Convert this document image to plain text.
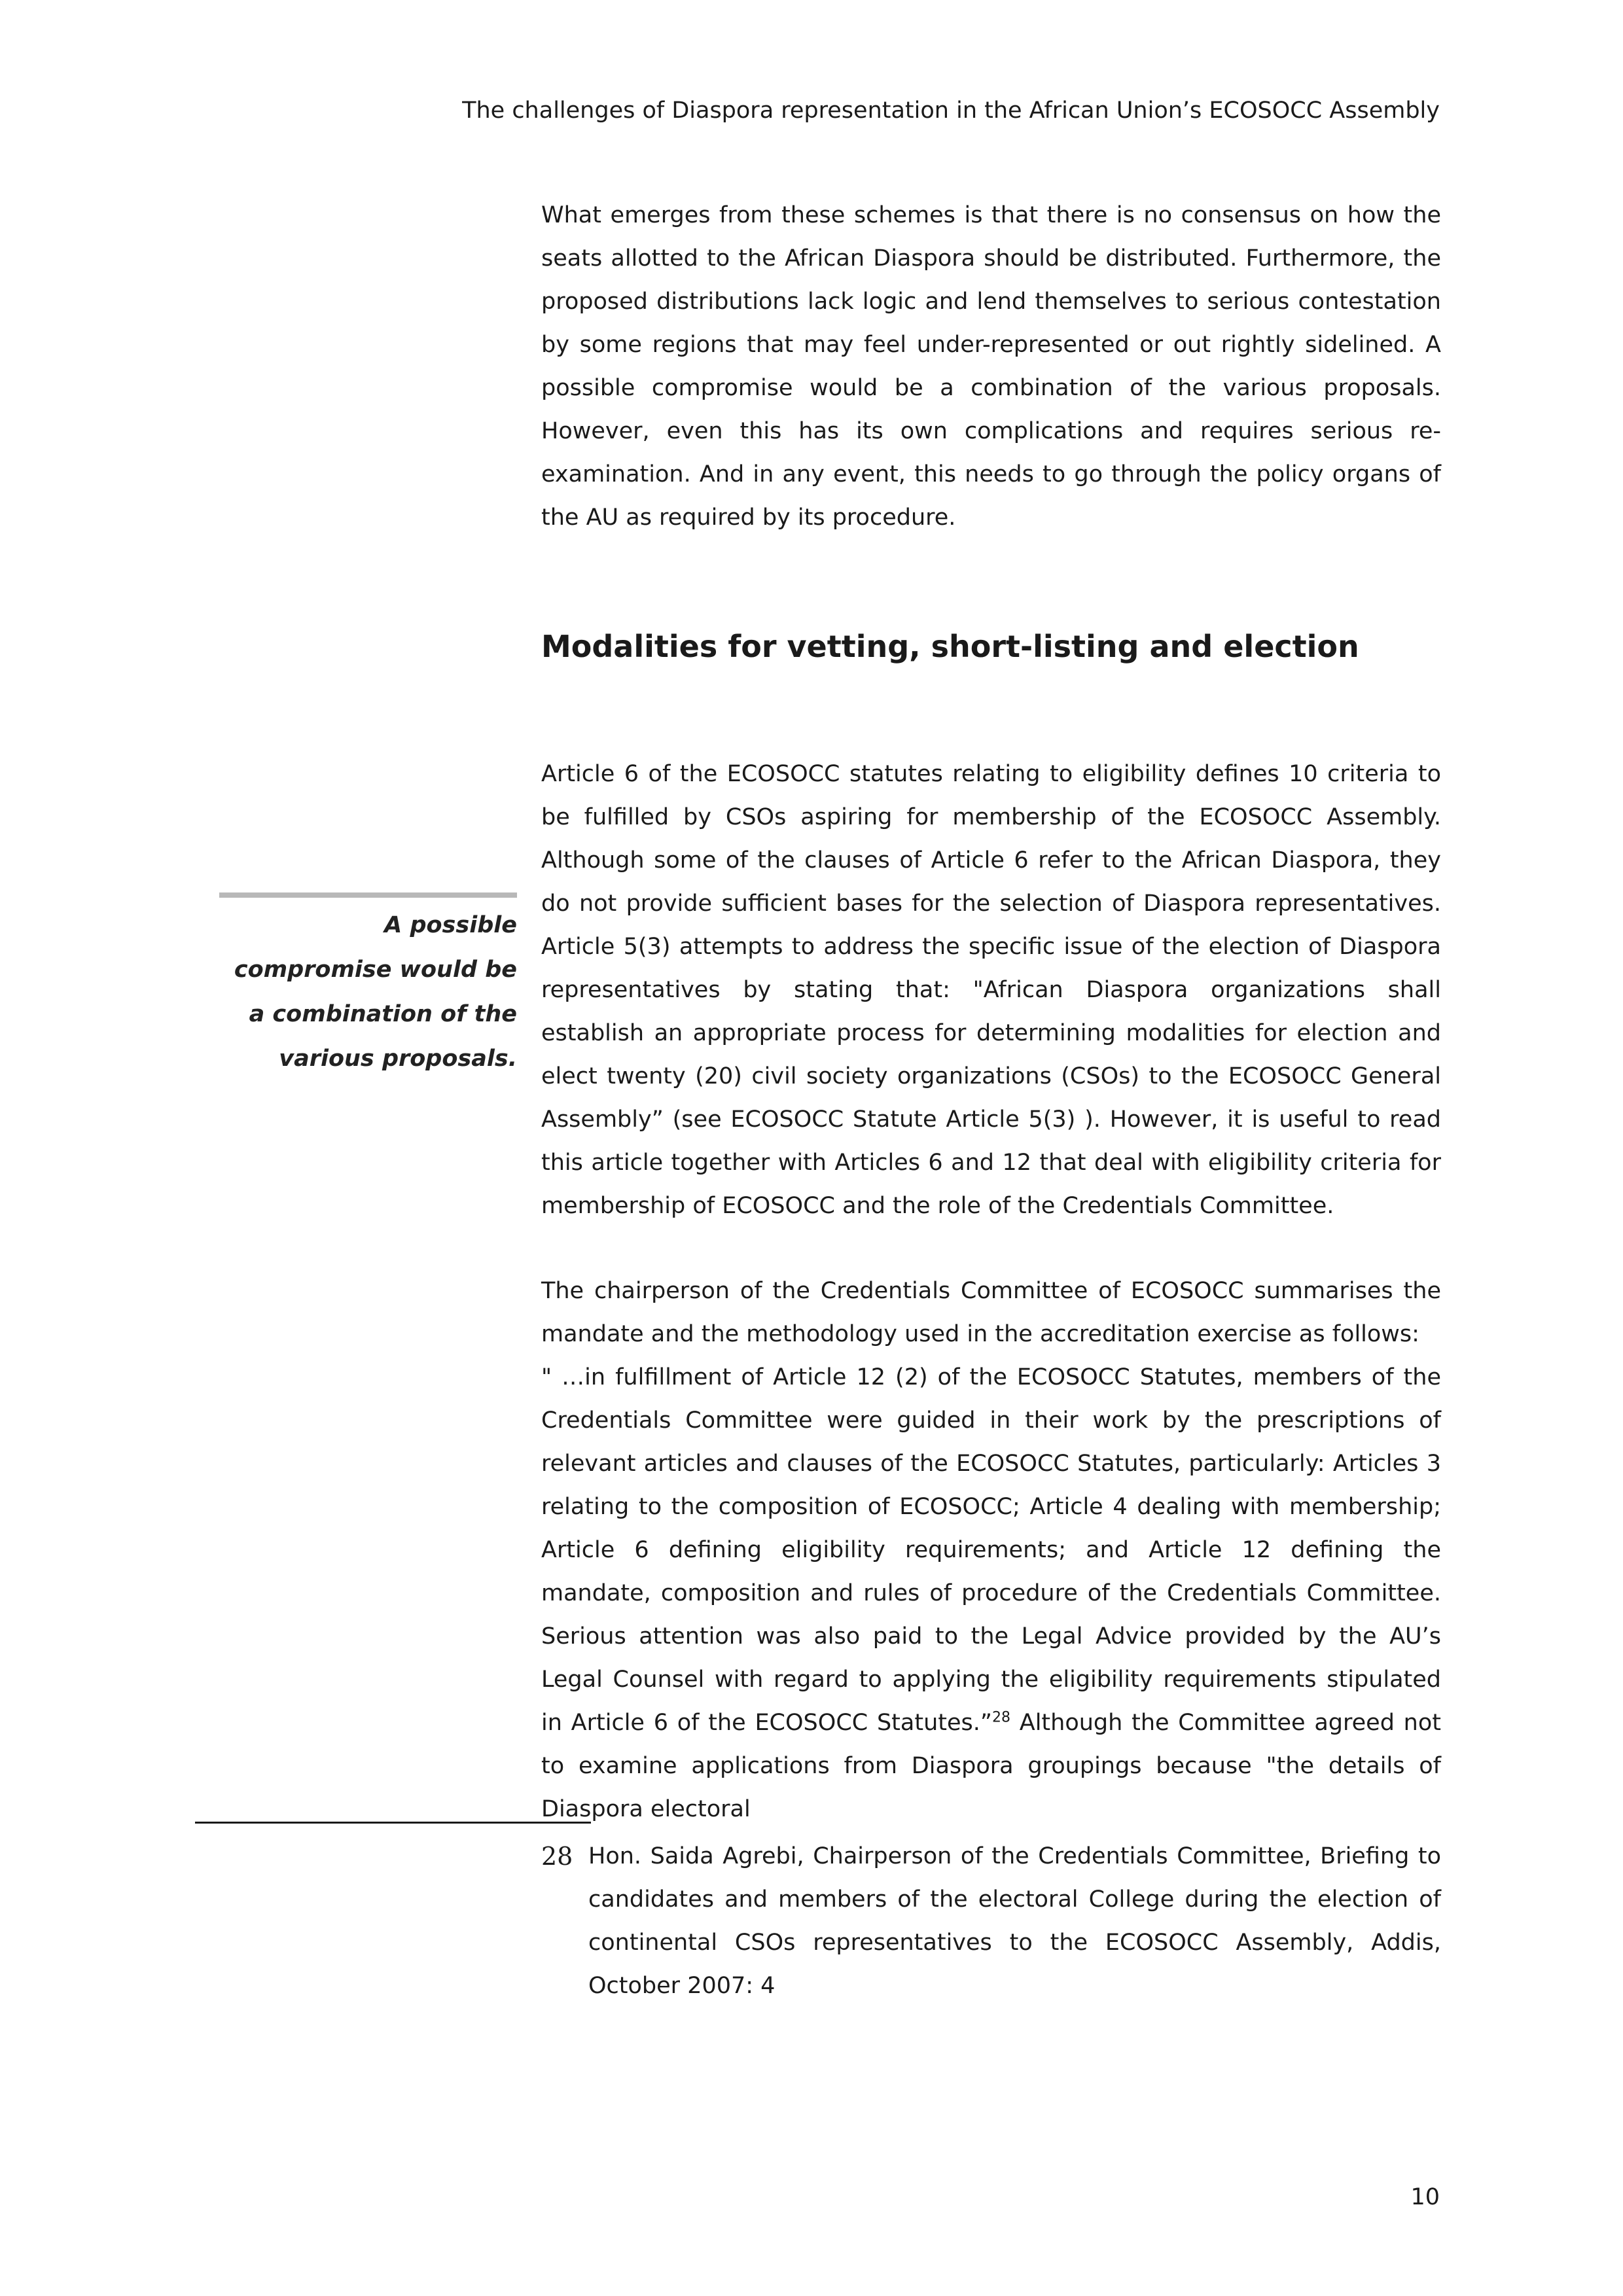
The challenges of Diaspora representation in the African Union’s ECOSOCC Assembly

What emerges from these schemes is that there is no consensus on how the seats allotted to the African Diaspora should be distributed. Furthermore, the proposed distributions lack logic and lend themselves to serious contestation by some regions that may feel under-represented or out rightly sidelined. A possible compromise would be a combination of the various proposals. However, even this has its own complications and requires serious re-examination. And in any event, this needs to go through the policy organs of the AU as required by its procedure.

Modalities for vetting, short-listing and election
A possible compromise would be a combination of the various proposals.

Article 6 of the ECOSOCC statutes relating to eligibility defines 10 criteria to be fulfilled by CSOs aspiring for membership of the ECOSOCC Assembly. Although some of the clauses of Article 6 refer to the African Diaspora, they do not provide sufficient bases for the selection of Diaspora representatives. Article 5(3) attempts to address the specific issue of the election of Diaspora representatives by stating that: "African Diaspora organizations shall establish an appropriate process for determining modalities for election and elect twenty (20) civil society organizations (CSOs) to the ECOSOCC General Assembly” (see ECOSOCC Statute Article 5(3) ). However, it is useful to read this article together with Articles 6 and 12 that deal with eligibility criteria for membership of ECOSOCC and the role of the Credentials Committee.

The chairperson of the Credentials Committee of ECOSOCC summarises the mandate and the methodology used in the accreditation exercise as follows:

" …in fulfillment of Article 12 (2) of the ECOSOCC Statutes, members of the Credentials Committee were guided in their work by the prescriptions of relevant articles and clauses of the ECOSOCC Statutes, particularly: Articles 3 relating to the composition of ECOSOCC; Article 4 dealing with membership; Article 6 defining eligibility requirements; and Article 12 defining the mandate, composition and rules of procedure of the Credentials Committee. Serious attention was also paid to the Legal Advice provided by the AU’s Legal Counsel with regard to applying the eligibility requirements stipulated in Article 6 of the ECOSOCC Statutes.”$^{28}$ Although the Committee agreed not to examine applications from Diaspora groupings because "the details of Diaspora electoral

28 Hon. Saida Agrebi, Chairperson of the Credentials Committee, Briefing to candidates and members of the electoral College during the election of continental CSOs representatives to the ECOSOCC Assembly, Addis, October 2007: 4

10
